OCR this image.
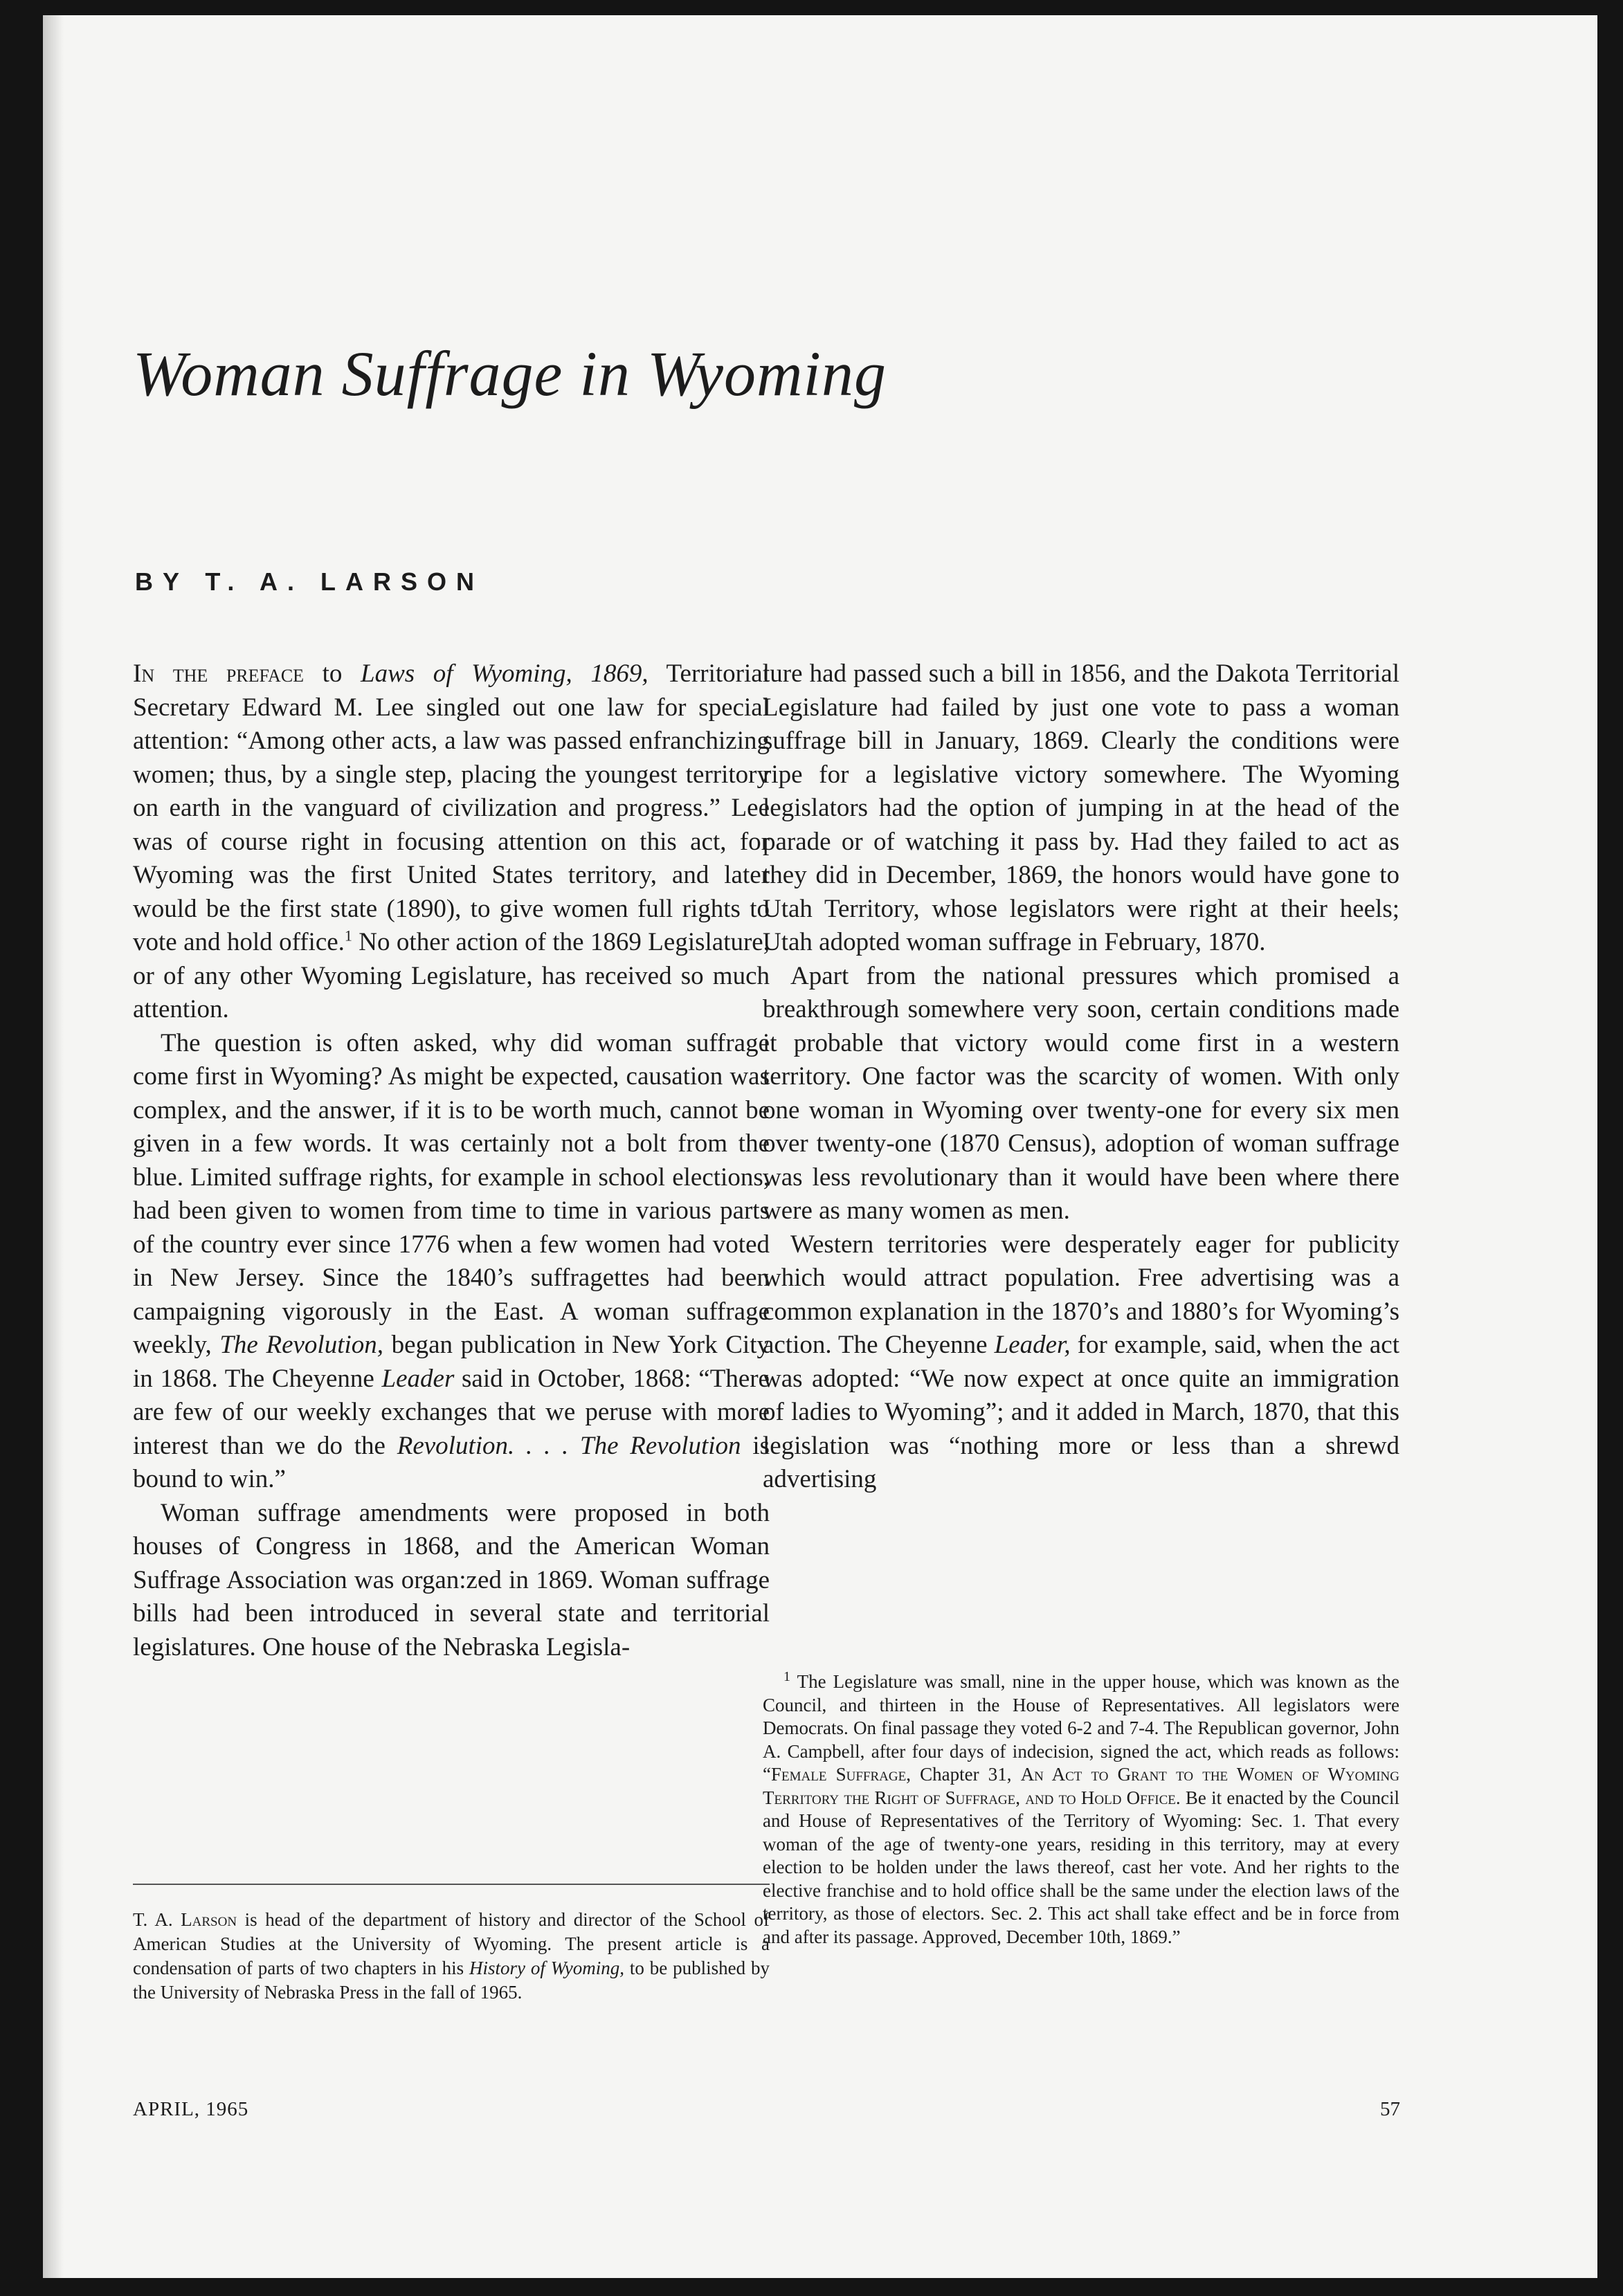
Woman Suffrage in Wyoming
BY T. A. LARSON

In the preface to Laws of Wyoming, 1869, Territorial Secretary Edward M. Lee singled out one law for special attention: “Among other acts, a law was passed enfranchizing women; thus, by a single step, placing the youngest territory on earth in the vanguard of civilization and progress.” Lee was of course right in focusing attention on this act, for Wyoming was the first United States territory, and later would be the first state (1890), to give women full rights to vote and hold office.$^1$ No other action of the 1869 Legislature, or of any other Wyoming Legislature, has received so much attention.

The question is often asked, why did woman suffrage come first in Wyoming? As might be expected, causation was complex, and the answer, if it is to be worth much, cannot be given in a few words. It was certainly not a bolt from the blue. Limited suffrage rights, for example in school elections, had been given to women from time to time in various parts of the country ever since 1776 when a few women had voted in New Jersey. Since the 1840’s suffragettes had been campaigning vigorously in the East. A woman suffrage weekly, The Revolution, began publication in New York City in 1868. The Cheyenne Leader said in October, 1868: “There are few of our weekly exchanges that we peruse with more interest than we do the Revolution. . . . The Revolution is bound to win.”

Woman suffrage amendments were proposed in both houses of Congress in 1868, and the American Woman Suffrage Association was organ:zed in 1869. Woman suffrage bills had been introduced in several state and territorial legislatures. One house of the Nebraska Legisla-

ture had passed such a bill in 1856, and the Dakota Territorial Legislature had failed by just one vote to pass a woman suffrage bill in January, 1869. Clearly the conditions were ripe for a legislative victory somewhere. The Wyoming legislators had the option of jumping in at the head of the parade or of watching it pass by. Had they failed to act as they did in December, 1869, the honors would have gone to Utah Territory, whose legislators were right at their heels; Utah adopted woman suffrage in February, 1870.

Apart from the national pressures which promised a breakthrough somewhere very soon, certain conditions made it probable that victory would come first in a western territory. One factor was the scarcity of women. With only one woman in Wyoming over twenty-one for every six men over twenty-one (1870 Census), adoption of woman suffrage was less revolutionary than it would have been where there were as many women as men.

Western territories were desperately eager for publicity which would attract population. Free advertising was a common explanation in the 1870’s and 1880’s for Wyoming’s action. The Cheyenne Leader, for example, said, when the act was adopted: “We now expect at once quite an immigration of ladies to Wyoming”; and it added in March, 1870, that this legislation was “nothing more or less than a shrewd advertising

T. A. Larson is head of the department of history and director of the School of American Studies at the University of Wyoming. The present article is a condensation of parts of two chapters in his History of Wyoming, to be published by the University of Nebraska Press in the fall of 1965.
$^1$ The Legislature was small, nine in the upper house, which was known as the Council, and thirteen in the House of Representatives. All legislators were Democrats. On final passage they voted 6-2 and 7-4. The Republican governor, John A. Campbell, after four days of indecision, signed the act, which reads as follows: “Female Suffrage, Chapter 31, An Act to Grant to the Women of Wyoming Territory the Right of Suffrage, and to Hold Office. Be it enacted by the Council and House of Representatives of the Territory of Wyoming: Sec. 1. That every woman of the age of twenty-one years, residing in this territory, may at every election to be holden under the laws thereof, cast her vote. And her rights to the elective franchise and to hold office shall be the same under the election laws of the territory, as those of electors. Sec. 2. This act shall take effect and be in force from and after its passage. Approved, December 10th, 1869.”
APRIL, 1965	57
